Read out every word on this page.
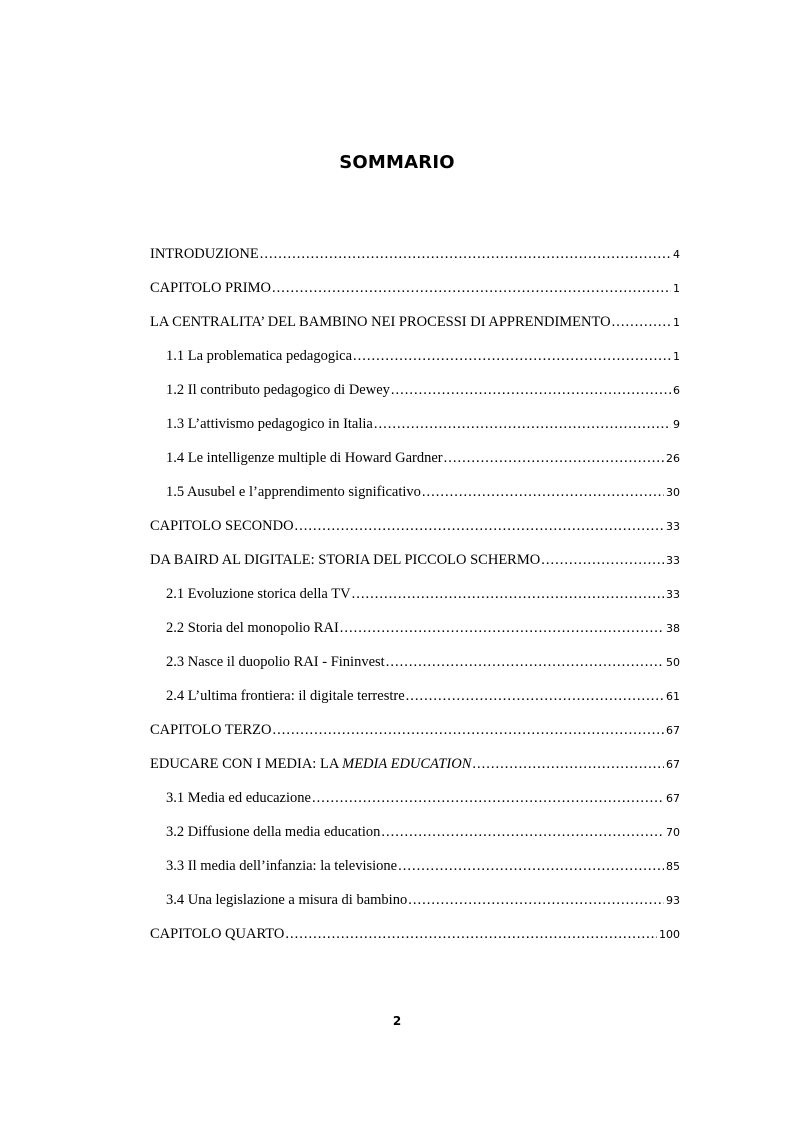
SOMMARIO
INTRODUZIONE .....	4
CAPITOLO PRIMO .....	1
LA CENTRALITA’ DEL BAMBINO NEI PROCESSI DI APPRENDIMENTO .....	1
1.1 La problematica pedagogica .....	1
1.2 Il contributo pedagogico di Dewey .....	6
1.3 L’attivismo pedagogico in Italia .....	9
1.4 Le intelligenze multiple di Howard Gardner .....	26
1.5 Ausubel e l’apprendimento significativo .....	30
CAPITOLO SECONDO .....	33
DA BAIRD AL DIGITALE: STORIA DEL PICCOLO SCHERMO .....	33
2.1 Evoluzione storica della TV .....	33
2.2 Storia del monopolio RAI .....	38
2.3 Nasce il duopolio RAI - Fininvest .....	50
2.4 L’ultima frontiera: il digitale terrestre .....	61
CAPITOLO TERZO .....	67
EDUCARE CON I MEDIA: LA MEDIA EDUCATION .....	67
3.1 Media ed educazione .....	67
3.2 Diffusione della media education .....	70
3.3 Il media dell’infanzia: la televisione .....	85
3.4 Una legislazione a misura di bambino .....	93
CAPITOLO QUARTO .....	100
2
